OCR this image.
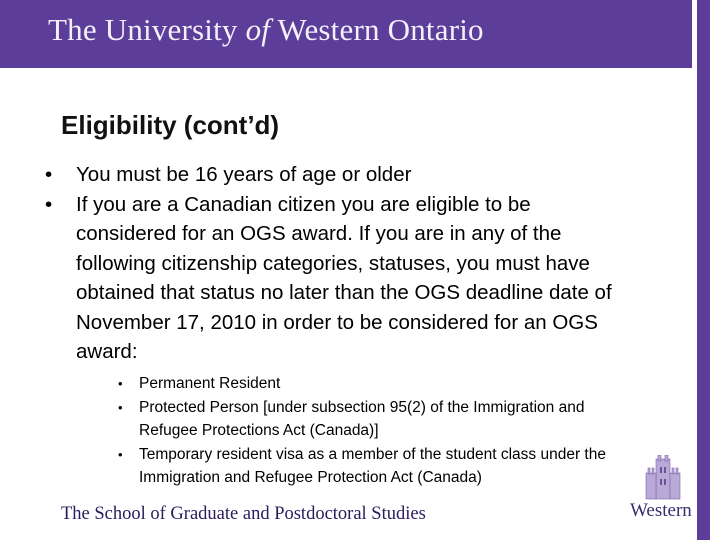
The University of Western Ontario
Eligibility (cont’d)
• You must be 16 years of age or older
• If you are a Canadian citizen you are eligible to be considered for an OGS award. If you are in any of the following citizenship categories, statuses, you must have obtained that status no later than the OGS deadline date of November 17, 2010 in order to be considered for an OGS award:
• Permanent Resident
• Protected Person [under subsection 95(2) of the Immigration and Refugee Protections Act (Canada)]
• Temporary resident visa as a member of the student class under the Immigration and Refugee Protection Act (Canada)
The School of Graduate and Postdoctoral Studies	Western
